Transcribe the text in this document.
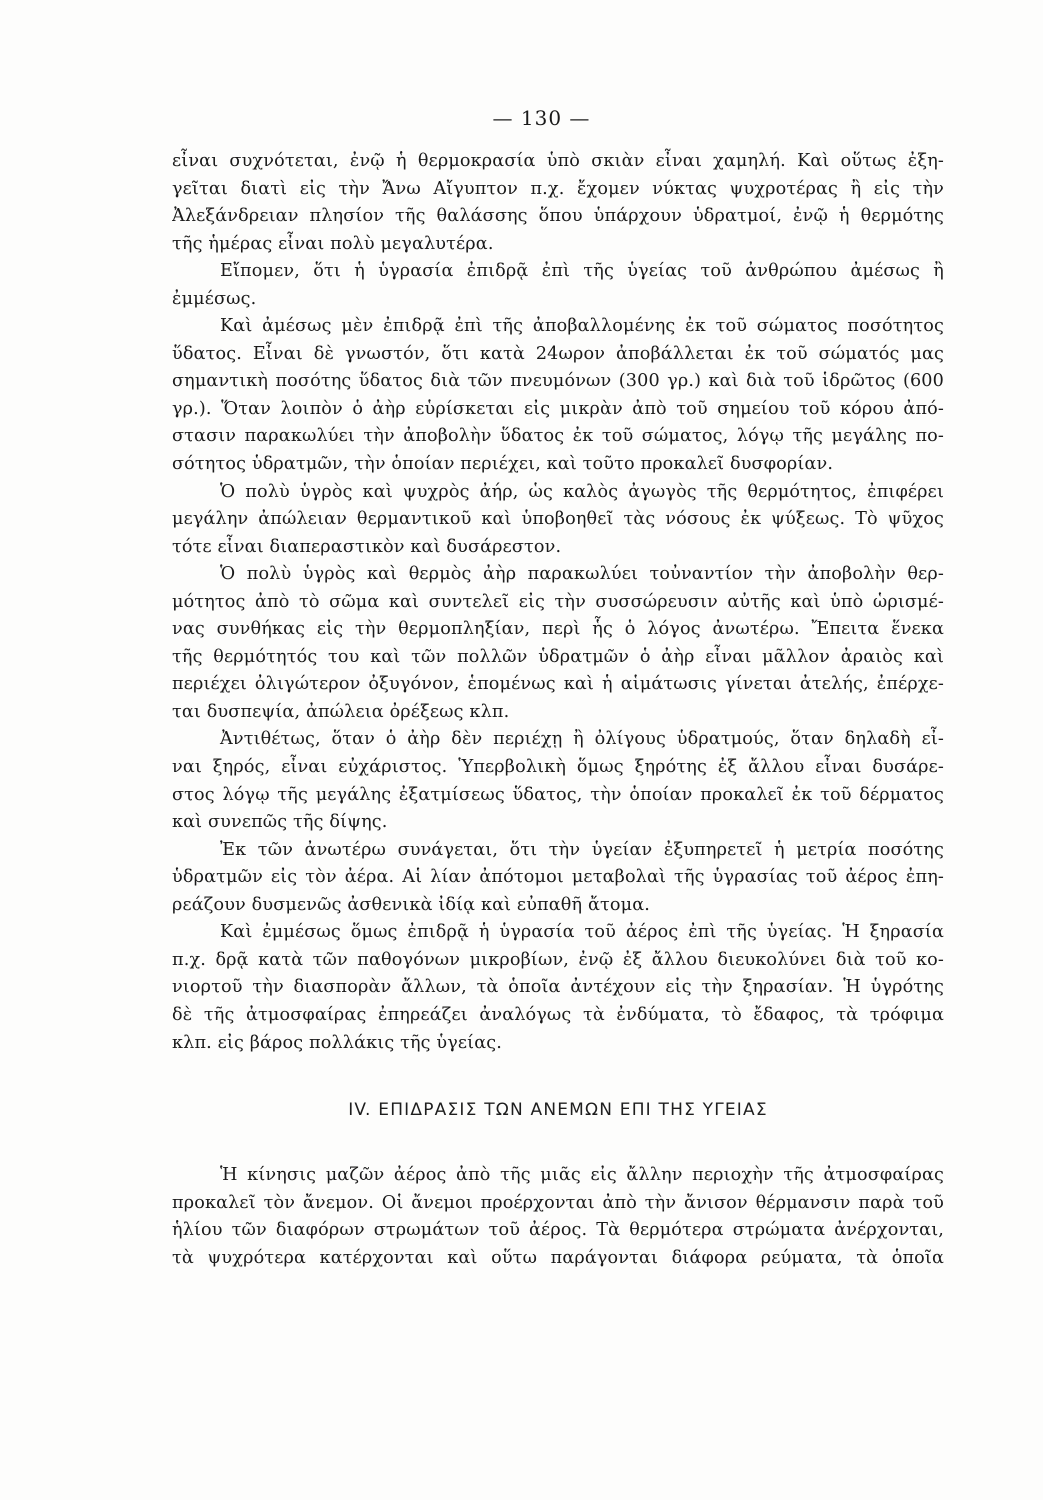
— 130 —
εἶναι συχνότεται, ἐνῷ ἡ θερμοκρασία ὑπὸ σκιὰν εἶναι χαμηλή. Καὶ οὕτως ἐξη-
γεῖται διατὶ εἰς τὴν Ἄνω Αἴγυπτον π.χ. ἔχομεν νύκτας ψυχροτέρας ἢ εἰς τὴν
Ἀλεξάνδρειαν πλησίον τῆς θαλάσσης ὅπου ὑπάρχουν ὑδρατμοί, ἐνῷ ἡ θερμότης
τῆς ἡμέρας εἶναι πολὺ μεγαλυτέρα.
Εἴπομεν, ὅτι ἡ ὑγρασία ἐπιδρᾷ ἐπὶ τῆς ὑγείας τοῦ ἀνθρώπου ἀμέσως ἢ
ἐμμέσως.
Καὶ ἀμέσως μὲν ἐπιδρᾷ ἐπὶ τῆς ἀποβαλλομένης ἐκ τοῦ σώματος ποσότητος
ὕδατος. Εἶναι δὲ γνωστόν, ὅτι κατὰ 24ωρον ἀποβάλλεται ἐκ τοῦ σώματός μας
σημαντικὴ ποσότης ὕδατος διὰ τῶν πνευμόνων (300 γρ.) καὶ διὰ τοῦ ἱδρῶτος (600
γρ.). Ὅταν λοιπὸν ὁ ἀὴρ εὑρίσκεται εἰς μικρὰν ἀπὸ τοῦ σημείου τοῦ κόρου ἀπό-
στασιν παρακωλύει τὴν ἀποβολὴν ὕδατος ἐκ τοῦ σώματος, λόγῳ τῆς μεγάλης πο-
σότητος ὑδρατμῶν, τὴν ὁποίαν περιέχει, καὶ τοῦτο προκαλεῖ δυσφορίαν.
Ὁ πολὺ ὑγρὸς καὶ ψυχρὸς ἀήρ, ὡς καλὸς ἀγωγὸς τῆς θερμότητος, ἐπιφέρει
μεγάλην ἀπώλειαν θερμαντικοῦ καὶ ὑποβοηθεῖ τὰς νόσους ἐκ ψύξεως. Τὸ ψῦχος
τότε εἶναι διαπεραστικὸν καὶ δυσάρεστον.
Ὁ πολὺ ὑγρὸς καὶ θερμὸς ἀὴρ παρακωλύει τοὐναντίον τὴν ἀποβολὴν θερ-
μότητος ἀπὸ τὸ σῶμα καὶ συντελεῖ εἰς τὴν συσσώρευσιν αὐτῆς καὶ ὑπὸ ὡρισμέ-
νας συνθήκας εἰς τὴν θερμοπληξίαν, περὶ ἧς ὁ λόγος ἀνωτέρω. Ἔπειτα ἕνεκα
τῆς θερμότητός του καὶ τῶν πολλῶν ὑδρατμῶν ὁ ἀὴρ εἶναι μᾶλλον ἀραιὸς καὶ
περιέχει ὀλιγώτερον ὀξυγόνον, ἑπομένως καὶ ἡ αἱμάτωσις γίνεται ἀτελής, ἐπέρχε-
ται δυσπεψία, ἀπώλεια ὀρέξεως κλπ.
Ἀντιθέτως, ὅταν ὁ ἀὴρ δὲν περιέχῃ ἢ ὀλίγους ὑδρατμούς, ὅταν δηλαδὴ εἶ-
ναι ξηρός, εἶναι εὐχάριστος. Ὑπερβολικὴ ὅμως ξηρότης ἐξ ἄλλου εἶναι δυσάρε-
στος λόγῳ τῆς μεγάλης ἐξατμίσεως ὕδατος, τὴν ὁποίαν προκαλεῖ ἐκ τοῦ δέρματος
καὶ συνεπῶς τῆς δίψης.
Ἐκ τῶν ἀνωτέρω συνάγεται, ὅτι τὴν ὑγείαν ἐξυπηρετεῖ ἡ μετρία ποσότης
ὑδρατμῶν εἰς τὸν ἀέρα. Αἱ λίαν ἀπότομοι μεταβολαὶ τῆς ὑγρασίας τοῦ ἀέρος ἐπη-
ρεάζουν δυσμενῶς ἀσθενικὰ ἰδίᾳ καὶ εὐπαθῆ ἄτομα.
Καὶ ἐμμέσως ὅμως ἐπιδρᾷ ἡ ὑγρασία τοῦ ἀέρος ἐπὶ τῆς ὑγείας. Ἡ ξηρασία
π.χ. δρᾷ κατὰ τῶν παθογόνων μικροβίων, ἐνῷ ἐξ ἄλλου διευκολύνει διὰ τοῦ κο-
νιορτοῦ τὴν διασπορὰν ἄλλων, τὰ ὁποῖα ἀντέχουν εἰς τὴν ξηρασίαν. Ἡ ὑγρότης
δὲ τῆς ἀτμοσφαίρας ἐπηρεάζει ἀναλόγως τὰ ἐνδύματα, τὸ ἔδαφος, τὰ τρόφιμα
κλπ. εἰς βάρος πολλάκις τῆς ὑγείας.
IV. ΕΠΙΔΡΑΣΙΣ ΤΩΝ ΑΝΕΜΩΝ ΕΠΙ ΤΗΣ ΥΓΕΙΑΣ
Ἡ κίνησις μαζῶν ἀέρος ἀπὸ τῆς μιᾶς εἰς ἄλλην περιοχὴν τῆς ἀτμοσφαίρας
προκαλεῖ τὸν ἄνεμον. Οἱ ἄνεμοι προέρχονται ἀπὸ τὴν ἄνισον θέρμανσιν παρὰ τοῦ
ἡλίου τῶν διαφόρων στρωμάτων τοῦ ἀέρος. Τὰ θερμότερα στρώματα ἀνέρχονται,
τὰ ψυχρότερα κατέρχονται καὶ οὕτω παράγονται διάφορα ρεύματα, τὰ ὁποῖα
